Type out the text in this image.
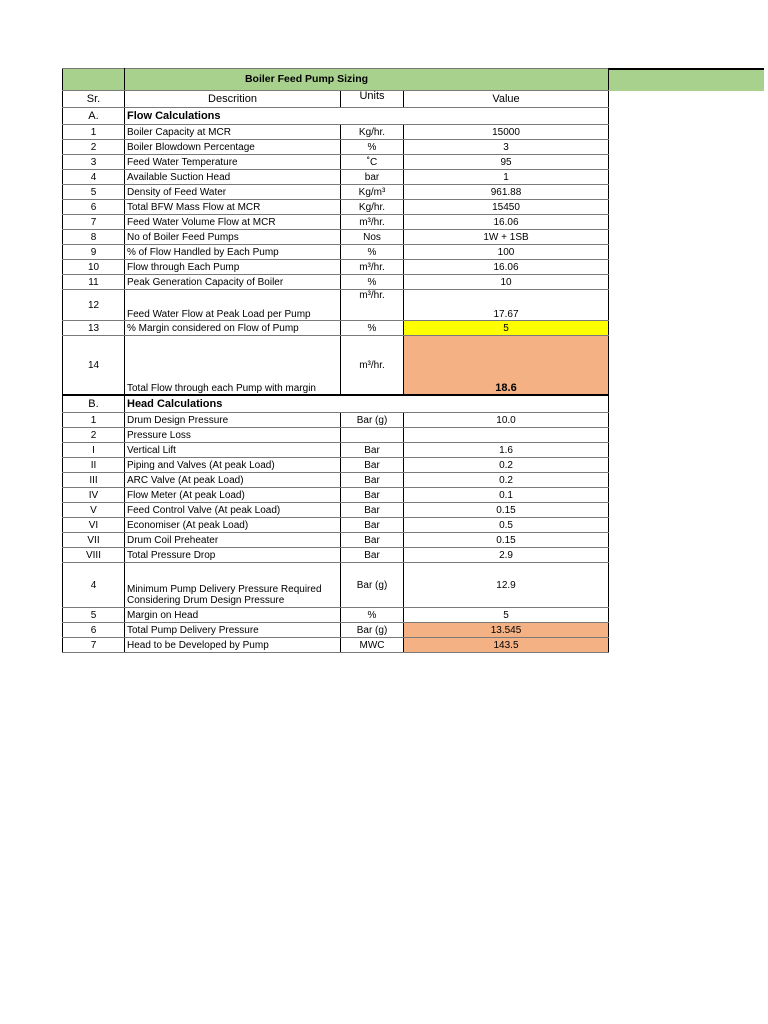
	Boiler Feed Pump Sizing		
Sr.	Descrition	Units	Value
A.	Flow Calculations		
1	Boiler Capacity at MCR	Kg/hr.	15000
2	Boiler Blowdown Percentage	%	3
3	Feed Water Temperature	˚C	95
4	Available Suction Head	bar	1
5	Density of Feed Water	Kg/m³	961.88
6	Total BFW Mass Flow at MCR	Kg/hr.	15450
7	Feed Water Volume Flow at MCR	m³/hr.	16.06
8	No of Boiler Feed Pumps	Nos	1W + 1SB
9	% of Flow Handled by Each Pump	%	100
10	Flow through Each Pump	m³/hr.	16.06
11	Peak Generation Capacity of Boiler	%	10
12	Feed Water Flow at Peak Load per Pump	m³/hr.	17.67
13	% Margin considered on Flow of Pump	%	5
14	Total Flow through each Pump with margin	m³/hr.	18.6
B.	Head Calculations		
1	Drum Design Pressure	Bar (g)	10.0
2	Pressure Loss		
I	Vertical Lift	Bar	1.6
II	Piping and Valves (At peak Load)	Bar	0.2
III	ARC Valve (At peak Load)	Bar	0.2
IV	Flow Meter (At peak Load)	Bar	0.1
V	Feed Control Valve (At peak Load)	Bar	0.15
VI	Economiser (At peak Load)	Bar	0.5
VII	Drum Coil Preheater	Bar	0.15
VIII	Total Pressure Drop	Bar	2.9
4	Minimum Pump Delivery Pressure Required
Considering Drum Design Pressure	Bar (g)	12.9
5	Margin on Head	%	5
6	Total Pump Delivery Pressure	Bar (g)	13.545
7	Head to be Developed by Pump	MWC	143.5
